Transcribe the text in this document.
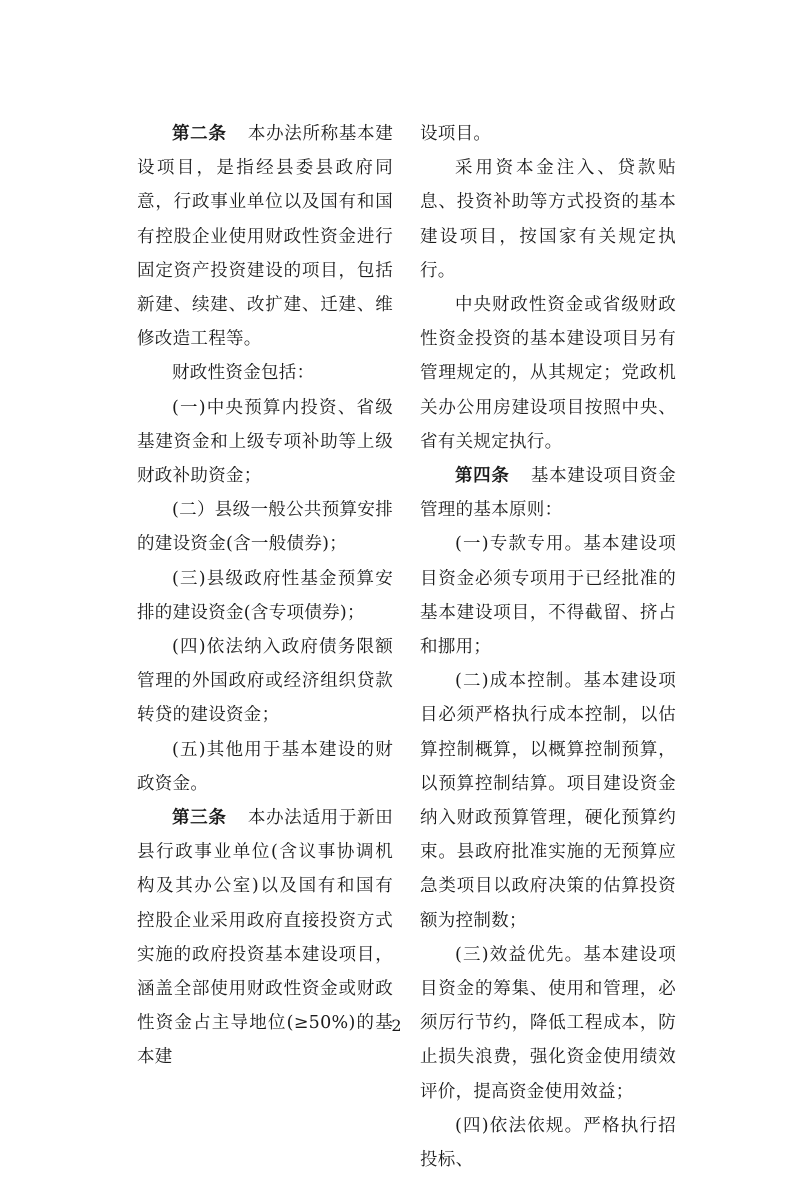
第二条 本办法所称基本建设项目，是指经县委县政府同意，行政事业单位以及国有和国有控股企业使用财政性资金进行固定资产投资建设的项目，包括新建、续建、改扩建、迁建、维修改造工程等。

财政性资金包括：

(一)中央预算内投资、省级基建资金和上级专项补助等上级财政补助资金；

(二）县级一般公共预算安排的建设资金(含一般债券)；

(三)县级政府性基金预算安排的建设资金(含专项债券)；

(四)依法纳入政府债务限额管理的外国政府或经济组织贷款转贷的建设资金；

(五)其他用于基本建设的财政资金。

第三条 本办法适用于新田县行政事业单位(含议事协调机构及其办公室)以及国有和国有控股企业采用政府直接投资方式实施的政府投资基本建设项目，涵盖全部使用财政性资金或财政性资金占主导地位(≥50%)的基本建

设项目。

采用资本金注入、贷款贴息、投资补助等方式投资的基本建设项目，按国家有关规定执行。

中央财政性资金或省级财政性资金投资的基本建设项目另有管理规定的，从其规定；党政机关办公用房建设项目按照中央、省有关规定执行。

第四条 基本建设项目资金管理的基本原则：

(一)专款专用。基本建设项目资金必须专项用于已经批准的基本建设项目，不得截留、挤占和挪用；

(二)成本控制。基本建设项目必须严格执行成本控制，以估算控制概算，以概算控制预算，以预算控制结算。项目建设资金纳入财政预算管理，硬化预算约束。县政府批准实施的无预算应急类项目以政府决策的估算投资额为控制数；

(三)效益优先。基本建设项目资金的筹集、使用和管理，必须厉行节约，降低工程成本，防止损失浪费，强化资金使用绩效评价，提高资金使用效益；

(四)依法依规。严格执行招投标、

2
